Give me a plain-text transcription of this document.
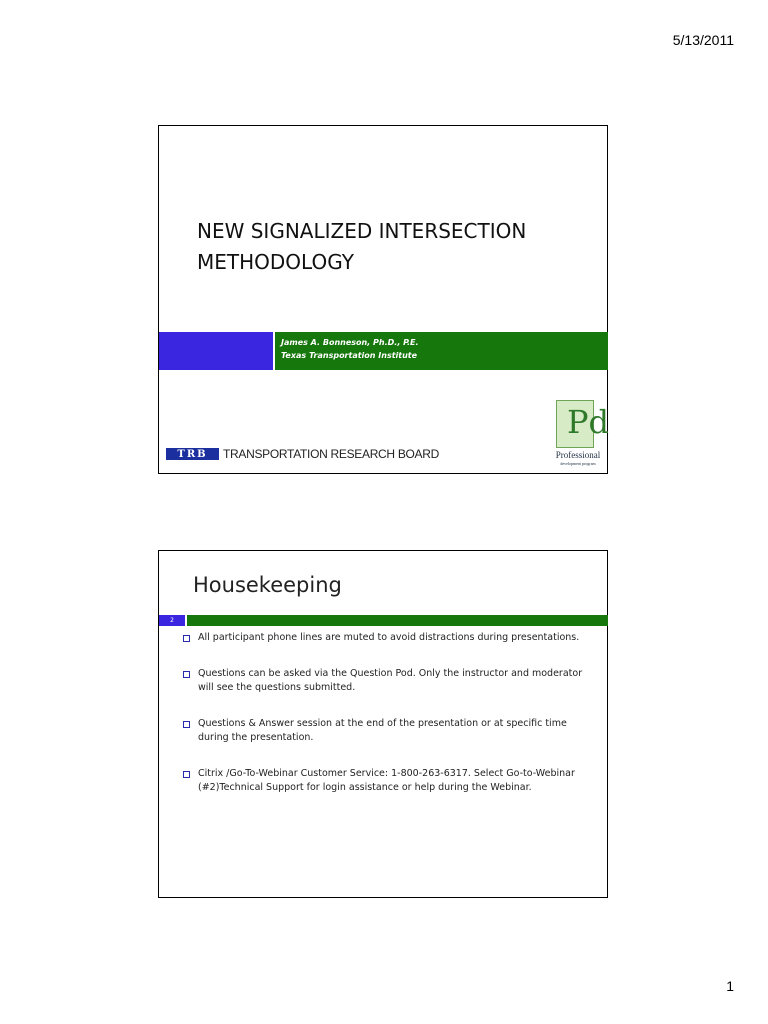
5/13/2011
NEW SIGNALIZED INTERSECTION
METHODOLOGY
James A. Bonneson, Ph.D., P.E.
Texas Transportation Institute
TRB	TRANSPORTATION RESEARCH BOARD
Pd
Professional
development program
Housekeeping
2
All participant phone lines are muted to avoid distractions during presentations.
Questions can be asked via the Question Pod. Only the instructor and moderator will see the questions submitted.
Questions & Answer session at the end of the presentation or at specific time during the presentation.
Citrix /Go-To-Webinar Customer Service: 1-800-263-6317. Select Go-to-Webinar (#2)Technical Support for login assistance or help during the Webinar.
1
